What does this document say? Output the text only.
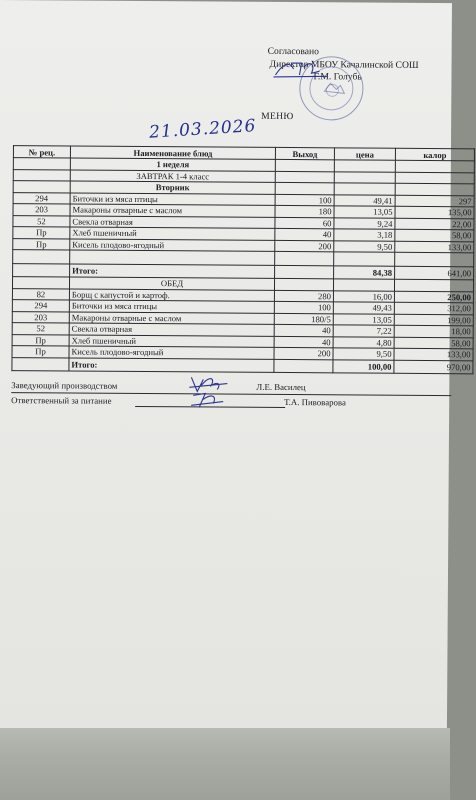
Согласовано
Директор МБОУ Качалинской СОШ
Г.М. Голубь
МЕНЮ
21.03.2026
№ рец.	Наименование блюд	Выход	цена	калор
	1 неделя			
	ЗАВТРАК 1-4 класс			
	Вторник			
294	Биточки из мяса птицы	100	49,41	297
203	Макароны отварные с маслом	180	13,05	135,00
52	Свекла отварная	60	9,24	22,00
Пр	Хлеб пшеничный	40	3,18	58,00
Пр	Кисель плодово-ягодный	200	9,50	133,00

	Итого:		84,38	641,00
	ОБЕД			
82	Борщ с капустой и картоф.	280	16,00	250,00
294	Биточки из мяса птицы	100	49,43	312,00
203	Макароны отварные с маслом	180/5	13,05	199,00
52	Свекла отварная	40	7,22	18,00
Пр	Хлеб пшеничный	40	4,80	58,00
Пр	Кисель плодово-ягодный	200	9,50	133,00
	Итого:		100,00	970,00
Заведующий производством	Л.Е. Василец
Ответственный за питание	Т.А. Пивоварова
